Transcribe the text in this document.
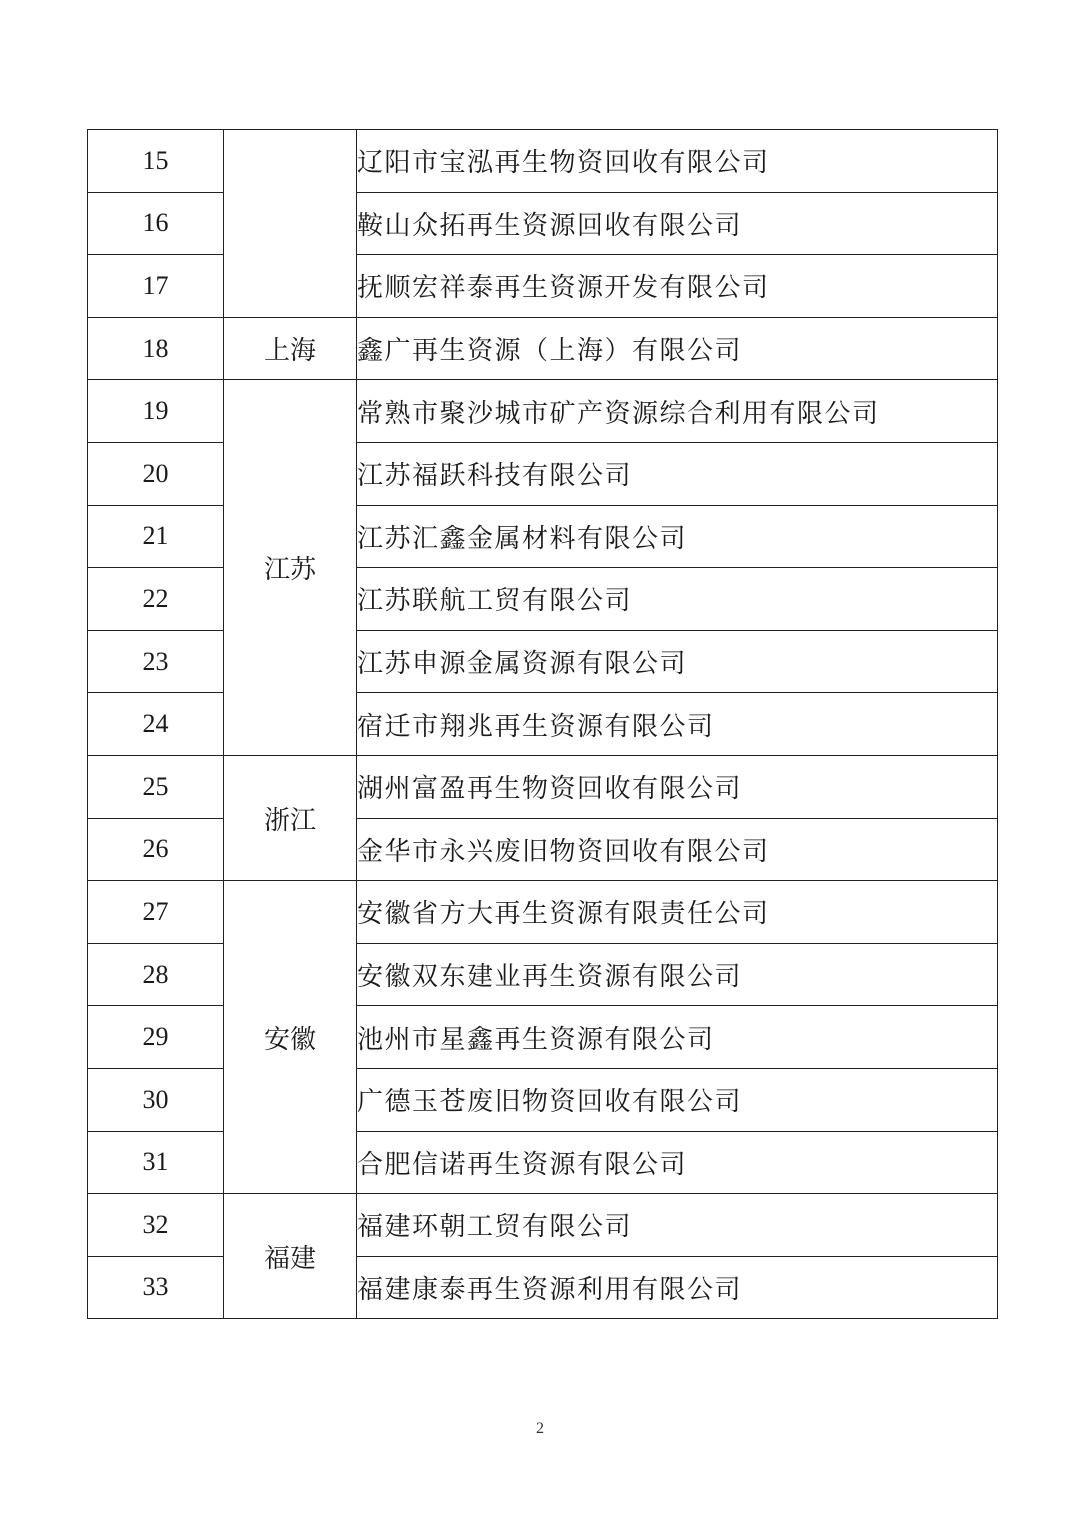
15		辽阳市宝泓再生物资回收有限公司
16		鞍山众拓再生资源回收有限公司
17		抚顺宏祥泰再生资源开发有限公司
18	上海	鑫广再生资源（上海）有限公司
19	江苏	常熟市聚沙城市矿产资源综合利用有限公司
20		江苏福跃科技有限公司
21		江苏汇鑫金属材料有限公司
22		江苏联航工贸有限公司
23		江苏申源金属资源有限公司
24		宿迁市翔兆再生资源有限公司
25	浙江	湖州富盈再生物资回收有限公司
26		金华市永兴废旧物资回收有限公司
27	安徽	安徽省方大再生资源有限责任公司
28		安徽双东建业再生资源有限公司
29		池州市星鑫再生资源有限公司
30		广德玉苍废旧物资回收有限公司
31		合肥信诺再生资源有限公司
32	福建	福建环朝工贸有限公司
33		福建康泰再生资源利用有限公司
2
